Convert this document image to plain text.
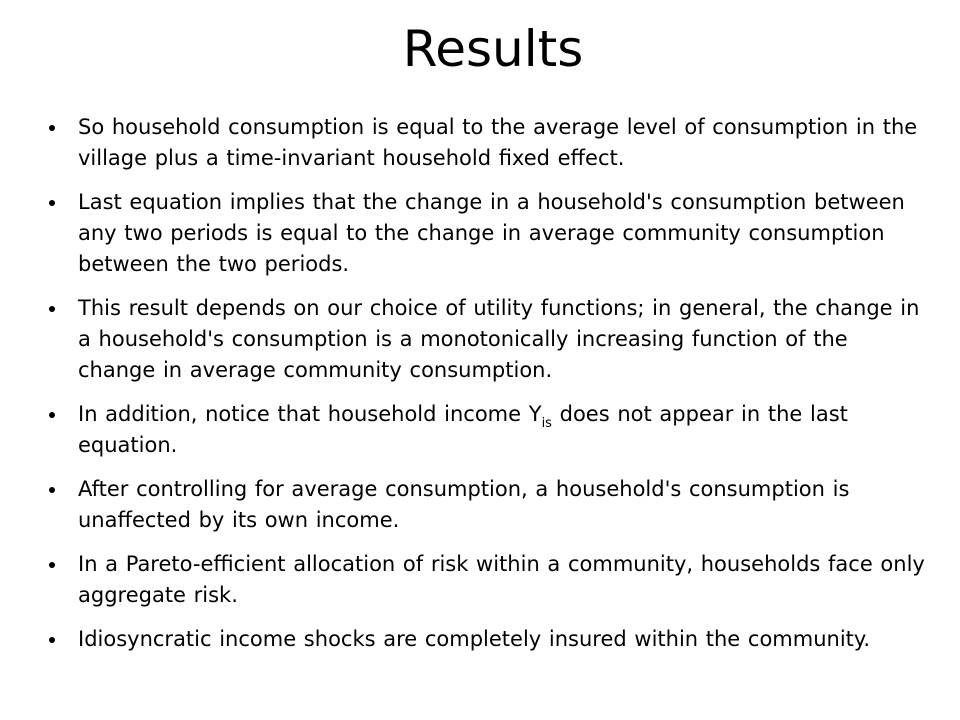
Results
So household consumption is equal to the average level of consumption in the village plus a time-invariant household fixed effect.
Last equation implies that the change in a household's consumption between any two periods is equal to the change in average community consumption between the two periods.
This result depends on our choice of utility functions; in general, the change in a household's consumption is a monotonically increasing function of the change in average community consumption.
In addition, notice that household income $Y_{is}$ does not appear in the last equation.
After controlling for average consumption, a household's consumption is unaffected by its own income.
In a Pareto-efficient allocation of risk within a community, households face only aggregate risk.
Idiosyncratic income shocks are completely insured within the community.
